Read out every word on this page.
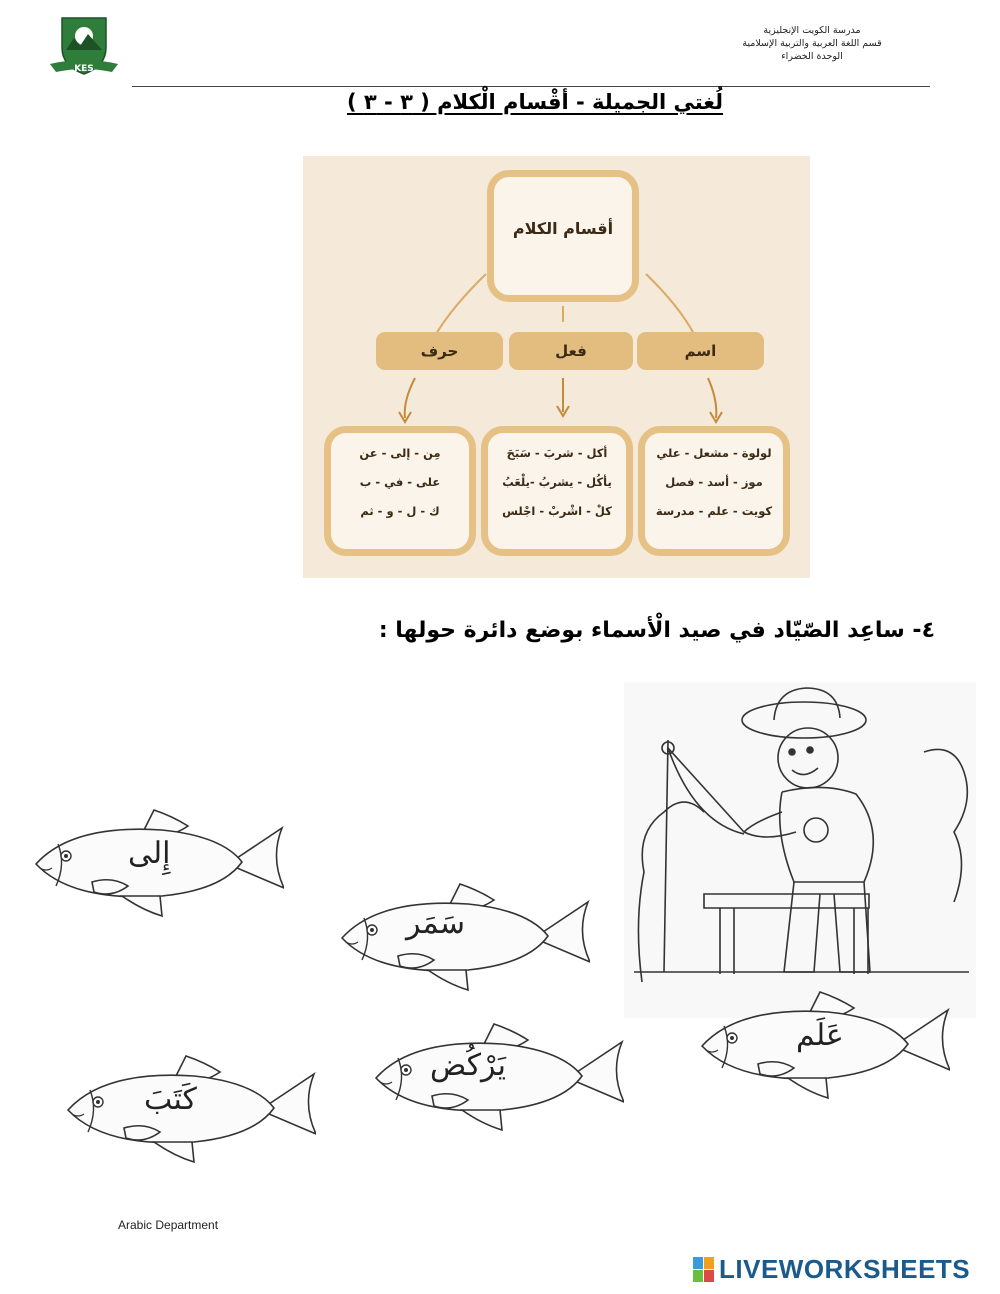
KES
مدرسة الكويت الإنجليزية
قسم اللغة العربية والتربية الإسلامية
الوحدة الخضراء
لُغتي الجميلة - أقْسام الْكلام ( ٣ - ٣ )
أقسام الكلام
اسم
فعل
حرف
لولوة - مشعل - علي
موز - أسد - فصل
كويت - علم - مدرسة
أكل - شربَ - سَبَحَ
يأكُل - يشربُ -يلْعَبُ
كلْ - اشْربْ - اجْلس
مِن - إلى - عن
على - في - ب
ك - ل - و - ثم
٤- ساعِد الصّيّاد في صيد الْأسماء بوضع دائرة حولها :
إِلى
سَمَر
كَتَبَ
يَرْكُض
عَلَم
Arabic Department
LIVEWORKSHEETS
